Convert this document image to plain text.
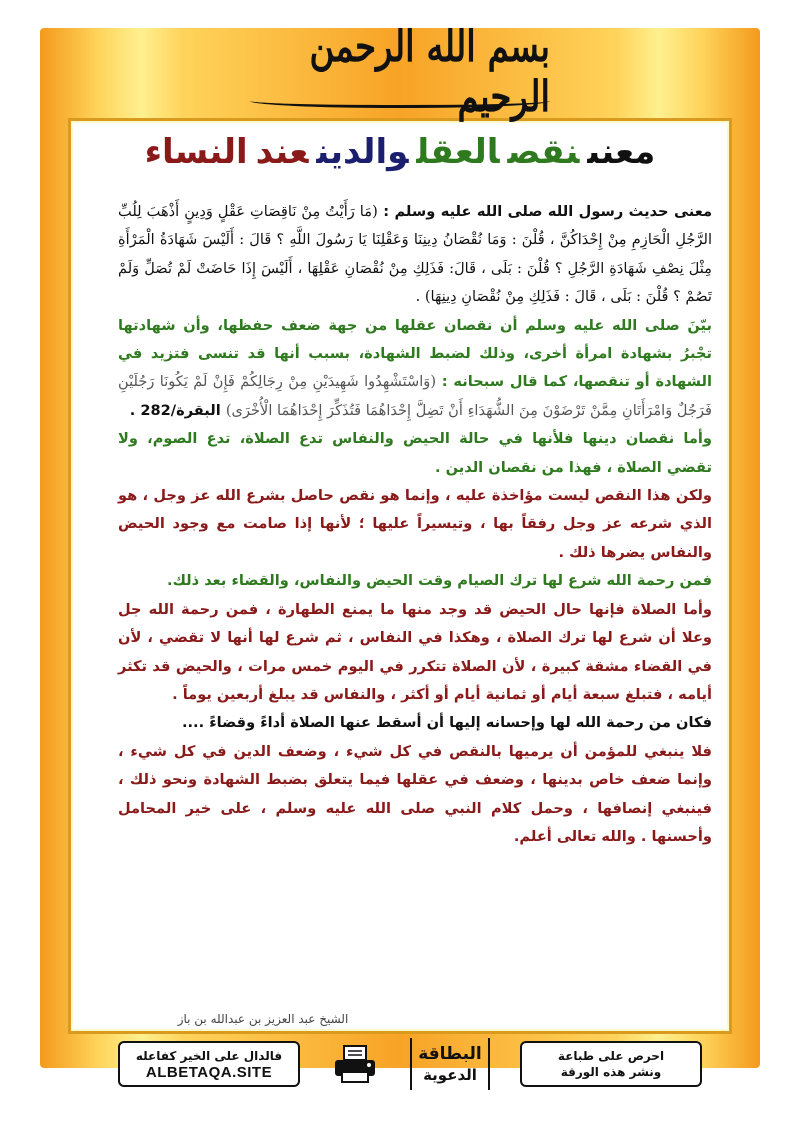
بسم الله الرحمن الرحيم
معنىنقصالعقلوالدينعندالنساء

معنى حديث رسول الله صلى الله عليه وسلم : (مَا رَأَيْتُ مِنْ نَاقِصَاتِ عَقْلٍ وَدِينٍ أَذْهَبَ لِلُبِّ الرَّجُلِ الْحَازِمِ مِنْ إِحْدَاكُنَّ ، قُلْنَ : وَمَا نُقْصَانُ دِينِنَا وَعَقْلِنَا يَا رَسُولَ اللَّهِ ؟ قَالَ : أَلَيْسَ شَهَادَةُ الْمَرْأَةِ مِثْلَ نِصْفِ شَهَادَةِ الرَّجُلِ ؟ قُلْنَ : بَلَى ، قَالَ: فَذَلِكِ مِنْ نُقْصَانِ عَقْلِهَا ، أَلَيْسَ إِذَا حَاضَتْ لَمْ تُصَلِّ وَلَمْ تَصُمْ ؟ قُلْنَ : بَلَى ، قَالَ : فَذَلِكِ مِنْ نُقْصَانِ دِينِهَا) .

بيّنَ صلى الله عليه وسلم أن نقصان عقلها من جهة ضعف حفظها، وأن شهادتها تجْبرُ بشهادة امرأة أخرى، وذلك لضبط الشهادة، بسبب أنها قد تنسى فتزيد في الشهادة أو تنقصها، كما قال سبحانه : (وَاسْتَشْهِدُوا شَهِيدَيْنِ مِنْ رِجَالِكُمْ فَإِنْ لَمْ يَكُونَا رَجُلَيْنِ فَرَجُلٌ وَامْرَأَتَانِ مِمَّنْ تَرْضَوْنَ مِنَ الشُّهَدَاءِ أَنْ تَضِلَّ إِحْدَاهُمَا فَتُذَكِّرَ إِحْدَاهُمَا الْأُخْرَى) البقرة/282 .

وأما نقصان دينها فلأنها في حالة الحيض والنفاس تدع الصلاة، تدع الصوم، ولا تقضي الصلاة ، فهذا من نقصان الدين .

ولكن هذا النقص ليست مؤاخذة عليه ، وإنما هو نقص حاصل بشرع الله عز وجل ، هو الذي شرعه عز وجل رفقاً بها ، وتيسيراً عليها ؛ لأنها إذا صامت مع وجود الحيض والنفاس يضرها ذلك .

فمن رحمة الله شرع لها ترك الصيام وقت الحيض والنفاس، والقضاء بعد ذلك.

وأما الصلاة فإنها حال الحيض قد وجد منها ما يمنع الطهارة ، فمن رحمة الله جل وعلا أن شرع لها ترك الصلاة ، وهكذا في النفاس ، ثم شرع لها أنها لا تقضي ، لأن في القضاء مشقة كبيرة ، لأن الصلاة تتكرر في اليوم خمس مرات ، والحيض قد تكثر أيامه ، فتبلغ سبعة أيام أو ثمانية أيام أو أكثر ، والنفاس قد يبلغ أربعين يوماً .

فكان من رحمة الله لها وإحسانه إليها أن أسقط عنها الصلاة أداءً وقضاءً ....

فلا ينبغي للمؤمن أن يرميها بالنقص في كل شيء ، وضعف الدين في كل شيء ، وإنما ضعف خاص بدينها ، وضعف في عقلها فيما يتعلق بضبط الشهادة ونحو ذلك ، فينبغي إنصافها ، وحمل كلام النبي صلى الله عليه وسلم ، على خير المحامل وأحسنها . والله تعالى أعلم.

الشيخ عبد العزيز بن عبدالله بن باز
فالدال على الخير كفاعله
ALBETAQA.SITE
البطاقة
الدعوية
احرص على طباعة
ونشر هذه الورقة
